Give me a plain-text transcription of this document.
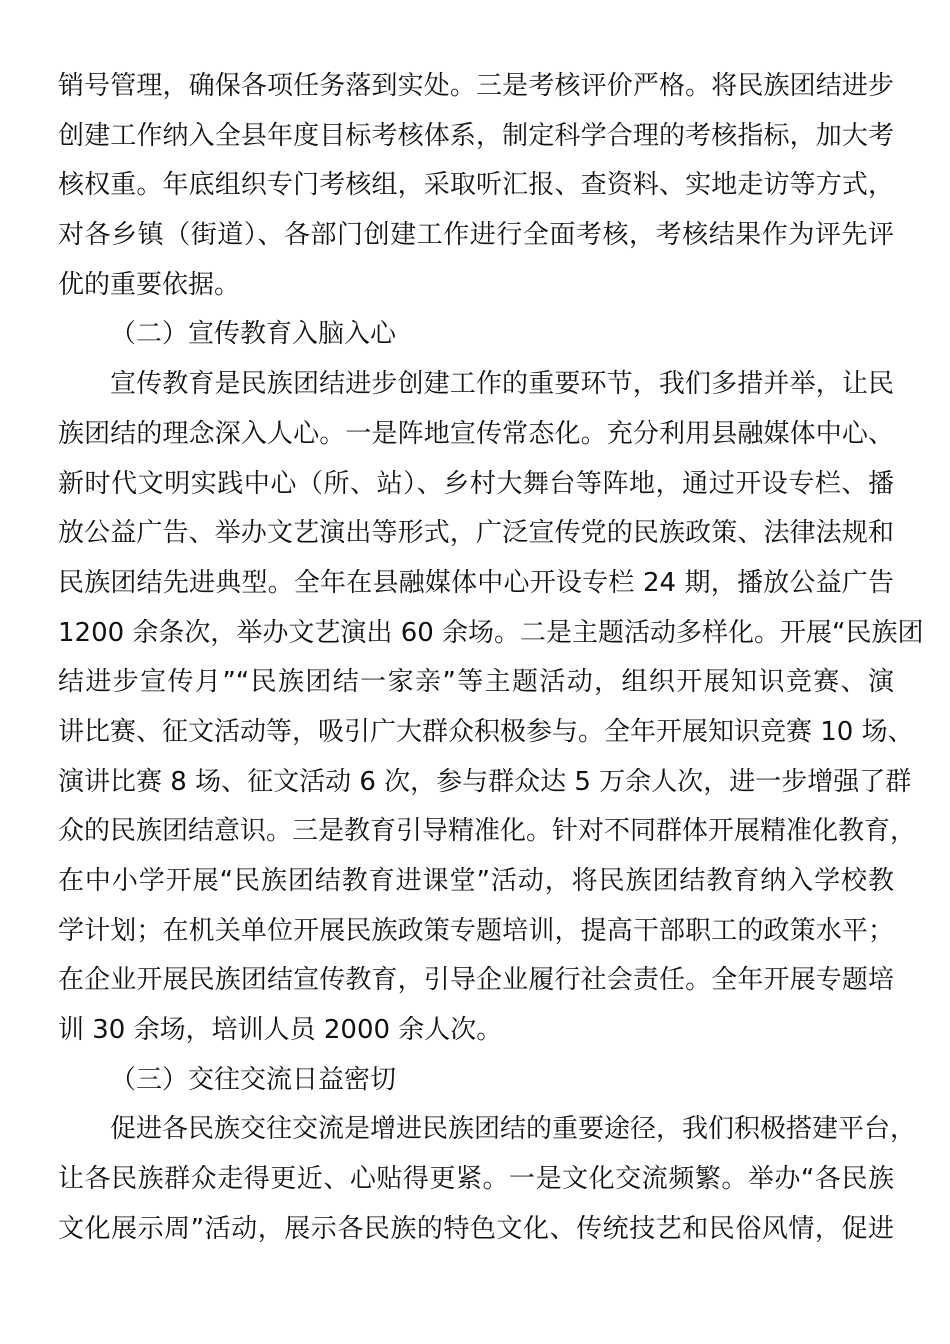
销号管理，确保各项任务落到实处。三是考核评价严格。将民族团结进步
创建工作纳入全县年度目标考核体系，制定科学合理的考核指标，加大考
核权重。年底组织专门考核组，采取听汇报、查资料、实地走访等方式，
对各乡镇（街道）、各部门创建工作进行全面考核，考核结果作为评先评
优的重要依据。
（二）宣传教育入脑入心
宣传教育是民族团结进步创建工作的重要环节，我们多措并举，让民
族团结的理念深入人心。一是阵地宣传常态化。充分利用县融媒体中心、
新时代文明实践中心（所、站）、乡村大舞台等阵地，通过开设专栏、播
放公益广告、举办文艺演出等形式，广泛宣传党的民族政策、法律法规和
民族团结先进典型。全年在县融媒体中心开设专栏 24 期，播放公益广告
1200 余条次，举办文艺演出 60 余场。二是主题活动多样化。开展“民族团
结进步宣传月”“民族团结一家亲”等主题活动，组织开展知识竞赛、演
讲比赛、征文活动等，吸引广大群众积极参与。全年开展知识竞赛 10 场、
演讲比赛 8 场、征文活动 6 次，参与群众达 5 万余人次，进一步增强了群
众的民族团结意识。三是教育引导精准化。针对不同群体开展精准化教育，
在中小学开展“民族团结教育进课堂”活动，将民族团结教育纳入学校教
学计划；在机关单位开展民族政策专题培训，提高干部职工的政策水平；
在企业开展民族团结宣传教育，引导企业履行社会责任。全年开展专题培
训 30 余场，培训人员 2000 余人次。
（三）交往交流日益密切
促进各民族交往交流是增进民族团结的重要途径，我们积极搭建平台，
让各民族群众走得更近、心贴得更紧。一是文化交流频繁。举办“各民族
文化展示周”活动，展示各民族的特色文化、传统技艺和民俗风情，促进
